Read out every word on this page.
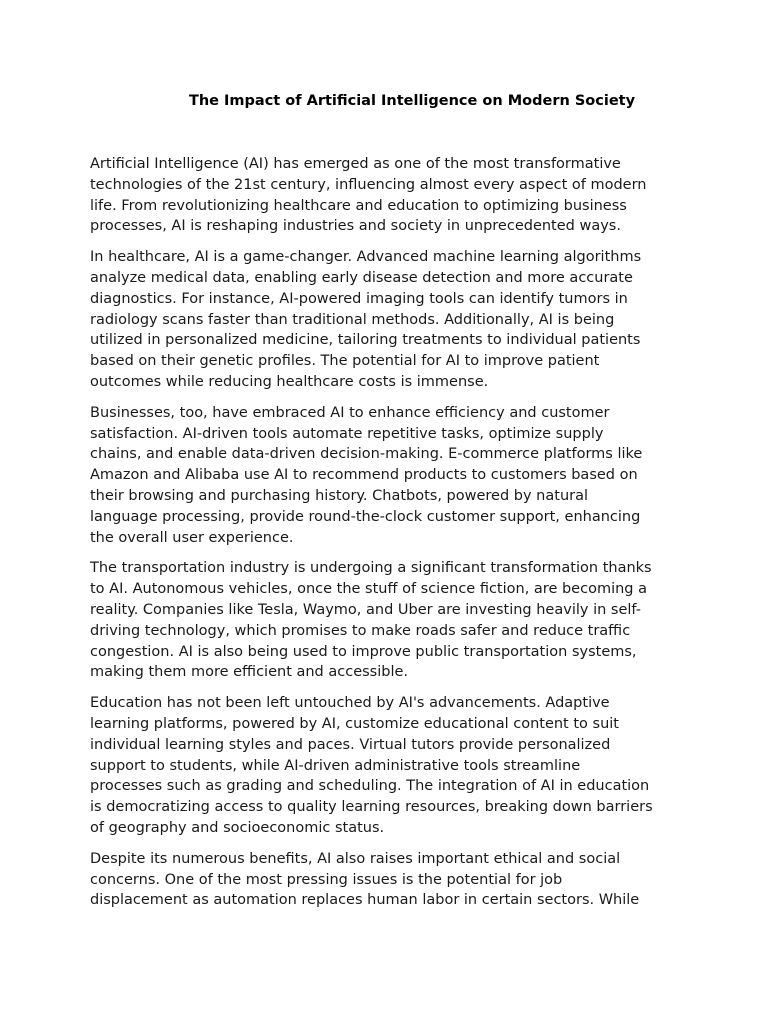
The Impact of Artificial Intelligence on Modern Society

Artificial Intelligence (AI) has emerged as one of the most transformative
technologies of the 21st century, influencing almost every aspect of modern
life. From revolutionizing healthcare and education to optimizing business
processes, AI is reshaping industries and society in unprecedented ways.

In healthcare, AI is a game-changer. Advanced machine learning algorithms
analyze medical data, enabling early disease detection and more accurate
diagnostics. For instance, AI-powered imaging tools can identify tumors in
radiology scans faster than traditional methods. Additionally, AI is being
utilized in personalized medicine, tailoring treatments to individual patients
based on their genetic profiles. The potential for AI to improve patient
outcomes while reducing healthcare costs is immense.

Businesses, too, have embraced AI to enhance efficiency and customer
satisfaction. AI-driven tools automate repetitive tasks, optimize supply
chains, and enable data-driven decision-making. E-commerce platforms like
Amazon and Alibaba use AI to recommend products to customers based on
their browsing and purchasing history. Chatbots, powered by natural
language processing, provide round-the-clock customer support, enhancing
the overall user experience.

The transportation industry is undergoing a significant transformation thanks
to AI. Autonomous vehicles, once the stuff of science fiction, are becoming a
reality. Companies like Tesla, Waymo, and Uber are investing heavily in self-
driving technology, which promises to make roads safer and reduce traffic
congestion. AI is also being used to improve public transportation systems,
making them more efficient and accessible.

Education has not been left untouched by AI's advancements. Adaptive
learning platforms, powered by AI, customize educational content to suit
individual learning styles and paces. Virtual tutors provide personalized
support to students, while AI-driven administrative tools streamline
processes such as grading and scheduling. The integration of AI in education
is democratizing access to quality learning resources, breaking down barriers
of geography and socioeconomic status.

Despite its numerous benefits, AI also raises important ethical and social
concerns. One of the most pressing issues is the potential for job
displacement as automation replaces human labor in certain sectors. While
